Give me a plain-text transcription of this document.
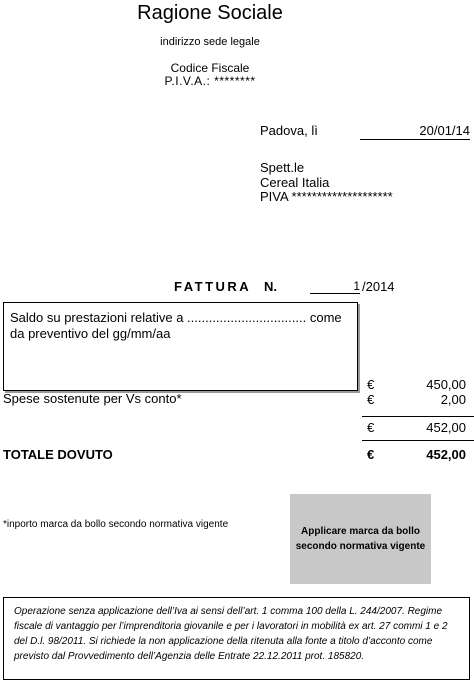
Ragione Sociale
indirizzo sede legale
Codice Fiscale
P.I.V.A.: ********
Padova, lì	20/01/14
Spett.le
Cereal Italia
PIVA ********************
FATTURA N.	1 /2014
Saldo su prestazioni relative a ................................. come da preventivo del gg/mm/aa
€	450,00
Spese sostenute per Vs conto*	€	2,00
€	452,00
TOTALE DOVUTO	€	452,00
*inporto marca da bollo secondo normativa vigente
Applicare marca da bollo secondo normativa vigente
Operazione senza applicazione dell’Iva ai sensi dell’art. 1 comma 100 della L. 244/2007. Regime fiscale di vantaggio per l’imprenditoria giovanile e per i lavoratori in mobilità ex art. 27 commi 1 e 2 del D.l. 98/2011. Si richiede la non applicazione della ritenuta alla fonte a titolo d’acconto come previsto dal Provvedimento dell’Agenzia delle Entrate 22.12.2011 prot. 185820.
